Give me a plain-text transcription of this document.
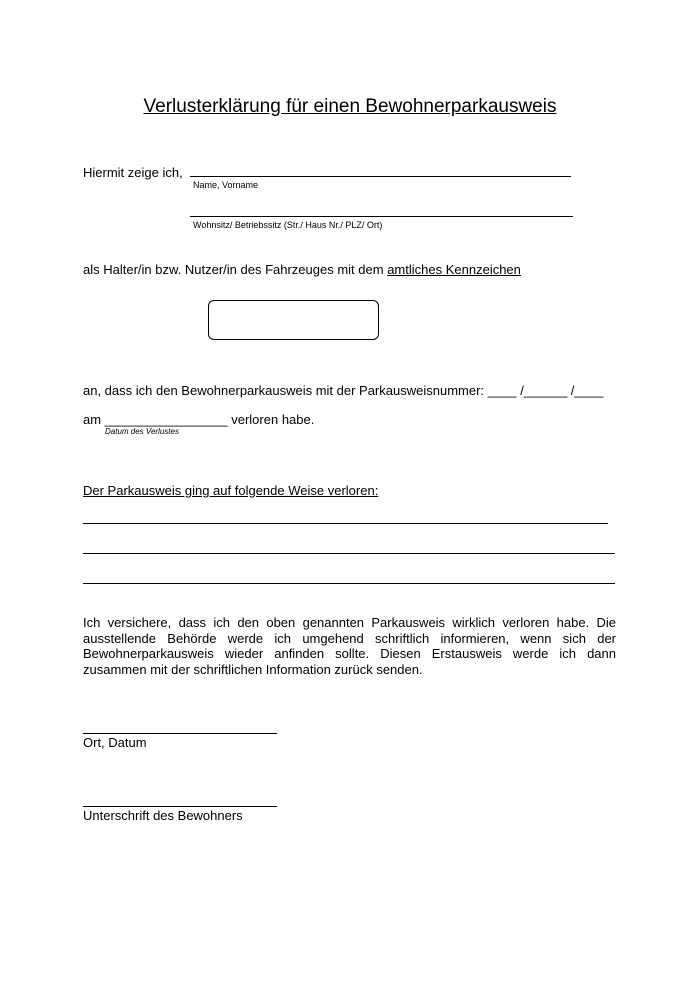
Verlusterklärung für einen Bewohnerparkausweis
Hiermit zeige ich,
Name, Vorname
Wohnsitz/ Betriebssitz (Str./ Haus Nr./ PLZ/ Ort)
als Halter/in bzw. Nutzer/in des Fahrzeuges mit dem amtliches Kennzeichen
an, dass ich den Bewohnerparkausweis mit der Parkausweisnummer: ____ /______ /____
am _________________ verloren habe.
Datum des Verlustes
Der Parkausweis ging auf folgende Weise verloren:
Ich versichere, dass ich den oben genannten Parkausweis wirklich verloren habe. Die ausstellende Behörde werde ich umgehend schriftlich informieren, wenn sich der Bewohnerparkausweis wieder anfinden sollte. Diesen Erstausweis werde ich dann zusammen mit der schriftlichen Information zurück senden.
Ort, Datum
Unterschrift des Bewohners
